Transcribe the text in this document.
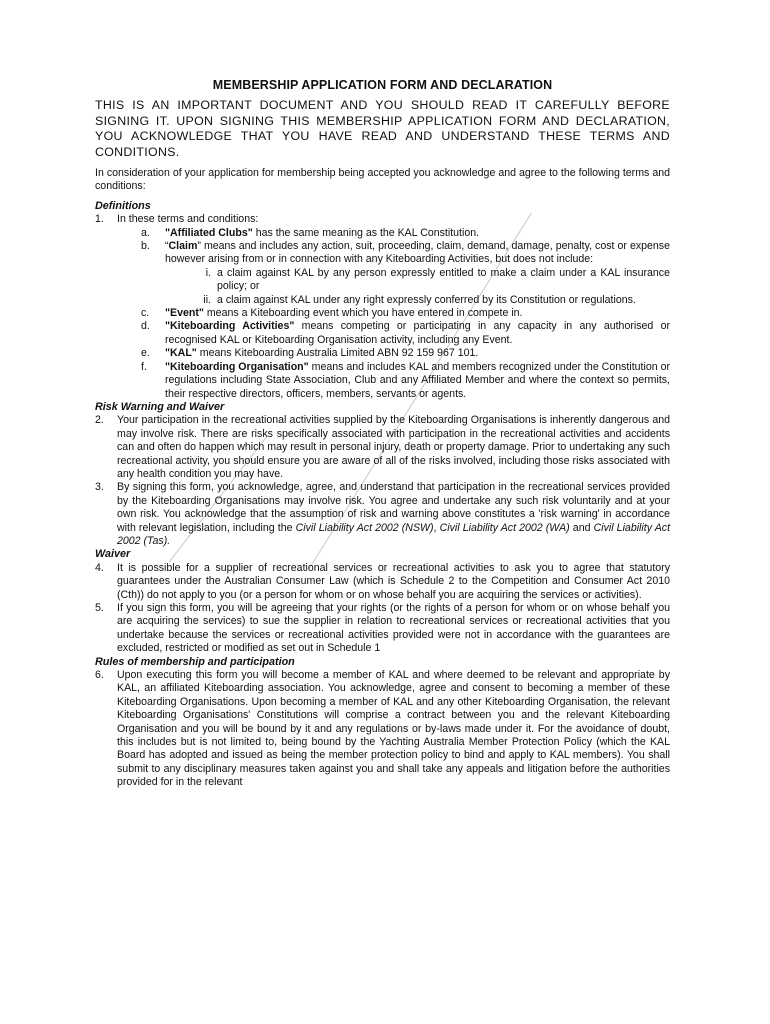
MEMBERSHIP APPLICATION FORM AND DECLARATION
THIS IS AN IMPORTANT DOCUMENT AND YOU SHOULD READ IT CAREFULLY BEFORE SIGNING IT. UPON SIGNING THIS MEMBERSHIP APPLICATION FORM AND DECLARATION, YOU ACKNOWLEDGE THAT YOU HAVE READ AND UNDERSTAND THESE TERMS AND CONDITIONS.
In consideration of your application for membership being accepted you acknowledge and agree to the following terms and conditions:
Definitions
1.	In these terms and conditions:
a.	"Affiliated Clubs" has the same meaning as the KAL Constitution.
b.	“Claim” means and includes any action, suit, proceeding, claim, demand, damage, penalty, cost or expense however arising from or in connection with any Kiteboarding Activities, but does not include:
i. a claim against KAL by any person expressly entitled to make a claim under a KAL insurance policy; or
ii. a claim against KAL under any right expressly conferred by its Constitution or regulations.
c.	"Event" means a Kiteboarding event which you have entered in compete in.
d.	"Kiteboarding Activities" means competing or participating in any capacity in any authorised or recognised KAL or Kiteboarding Organisation activity, including any Event.
e.	"KAL" means Kiteboarding Australia Limited ABN 92 159 967 101.
f.	"Kiteboarding Organisation" means and includes KAL and members recognized under the Constitution or regulations including State Association, Club and any Affiliated Member and where the context so permits, their respective directors, officers, members, servants or agents.
Risk Warning and Waiver
2.	Your participation in the recreational activities supplied by the Kiteboarding Organisations is inherently dangerous and may involve risk. There are risks specifically associated with participation in the recreational activities and accidents can and often do happen which may result in personal injury, death or property damage. Prior to undertaking any such recreational activity, you should ensure you are aware of all of the risks involved, including those risks associated with any health condition you may have.
3.	By signing this form, you acknowledge, agree, and understand that participation in the recreational services provided by the Kiteboarding Organisations may involve risk. You agree and undertake any such risk voluntarily and at your own risk. You acknowledge that the assumption of risk and warning above constitutes a 'risk warning' in accordance with relevant legislation, including the Civil Liability Act 2002 (NSW), Civil Liability Act 2002 (WA) and Civil Liability Act 2002 (Tas).
Waiver
4.	It is possible for a supplier of recreational services or recreational activities to ask you to agree that statutory guarantees under the Australian Consumer Law (which is Schedule 2 to the Competition and Consumer Act 2010 (Cth)) do not apply to you (or a person for whom or on whose behalf you are acquiring the services or activities).
5.	If you sign this form, you will be agreeing that your rights (or the rights of a person for whom or on whose behalf you are acquiring the services) to sue the supplier in relation to recreational services or recreational activities that you undertake because the services or recreational activities provided were not in accordance with the guarantees are excluded, restricted or modified as set out in Schedule 1
Rules of membership and participation
6.	Upon executing this form you will become a member of KAL and where deemed to be relevant and appropriate by KAL, an affiliated Kiteboarding association. You acknowledge, agree and consent to becoming a member of these Kiteboarding Organisations. Upon becoming a member of KAL and any other Kiteboarding Organisation, the relevant Kiteboarding Organisations' Constitutions will comprise a contract between you and the relevant Kiteboarding Organisation and you will be bound by it and any regulations or by-laws made under it. For the avoidance of doubt, this includes but is not limited to, being bound by the Yachting Australia Member Protection Policy (which the KAL Board has adopted and issued as being the member protection policy to bind and apply to KAL members). You shall submit to any disciplinary measures taken against you and shall take any appeals and litigation before the authorities provided for in the relevant
